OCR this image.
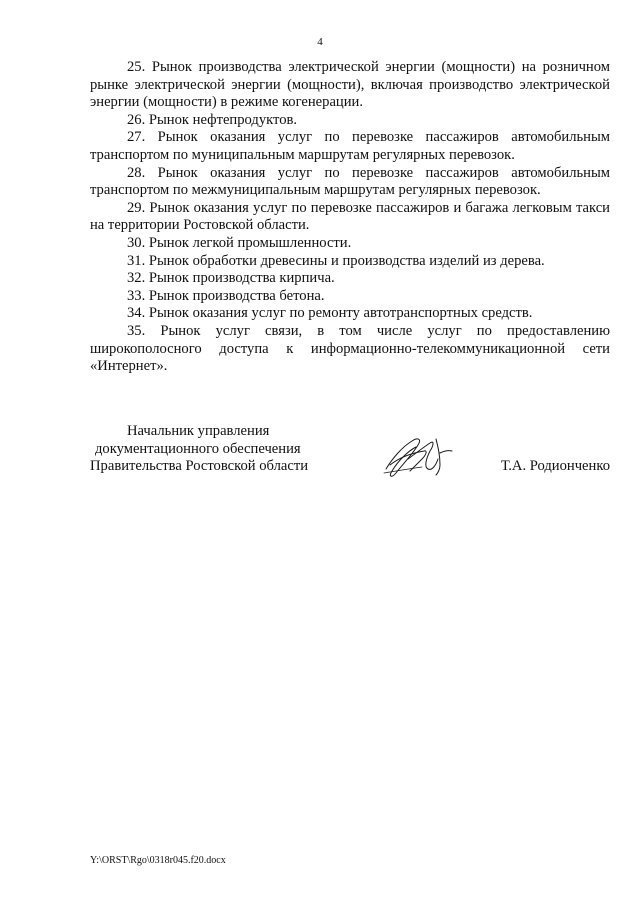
4

25. Рынок производства электрической энергии (мощности) на розничном рынке электрической энергии (мощности), включая производство электрической энергии (мощности) в режиме когенерации.

26. Рынок нефтепродуктов.

27. Рынок оказания услуг по перевозке пассажиров автомобильным транспортом по муниципальным маршрутам регулярных перевозок.

28. Рынок оказания услуг по перевозке пассажиров автомобильным транспортом по межмуниципальным маршрутам регулярных перевозок.

29. Рынок оказания услуг по перевозке пассажиров и багажа легковым такси на территории Ростовской области.

30. Рынок легкой промышленности.

31. Рынок обработки древесины и производства изделий из дерева.

32. Рынок производства кирпича.

33. Рынок производства бетона.

34. Рынок оказания услуг по ремонту автотранспортных средств.

35. Рынок услуг связи, в том числе услуг по предоставлению широкополосного доступа к информационно-телекоммуникационной сети «Интернет».

Начальник управления
документационного обеспечения
Правительства Ростовской области	Т.А. Родионченко
Y:\ORST\Rgo\0318r045.f20.docx
